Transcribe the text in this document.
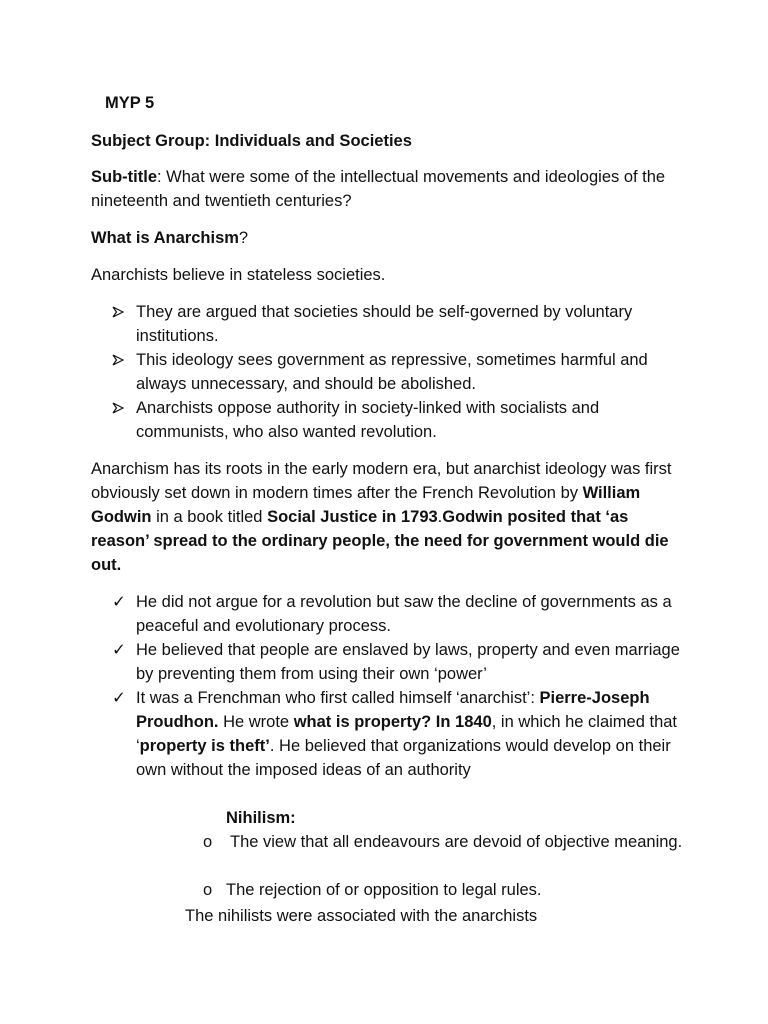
MYP 5

Subject Group: Individuals and Societies

Sub-title: What were some of the intellectual movements and ideologies of the nineteenth and twentieth centuries?

What is Anarchism?

Anarchists believe in stateless societies.

They are argued that societies should be self-governed by voluntary institutions.
This ideology sees government as repressive, sometimes harmful and always unnecessary, and should be abolished.
Anarchists oppose authority in society-linked with socialists and communists, who also wanted revolution.

Anarchism has its roots in the early modern era, but anarchist ideology was first obviously set down in modern times after the French Revolution by William Godwin in a book titled Social Justice in 1793.Godwin posited that ‘as reason’ spread to the ordinary people, the need for government would die out.

✓ He did not argue for a revolution but saw the decline of governments as a peaceful and evolutionary process.
✓ He believed that people are enslaved by laws, property and even marriage by preventing them from using their own ‘power’
✓ It was a Frenchman who first called himself ‘anarchist’: Pierre-Joseph Proudhon. He wrote what is property? In 1840, in which he claimed that ‘property is theft’. He believed that organizations would develop on their own without the imposed ideas of an authority

Nihilism:

o The view that all endeavours are devoid of objective meaning.
o The rejection of or opposition to legal rules.

The nihilists were associated with the anarchists
